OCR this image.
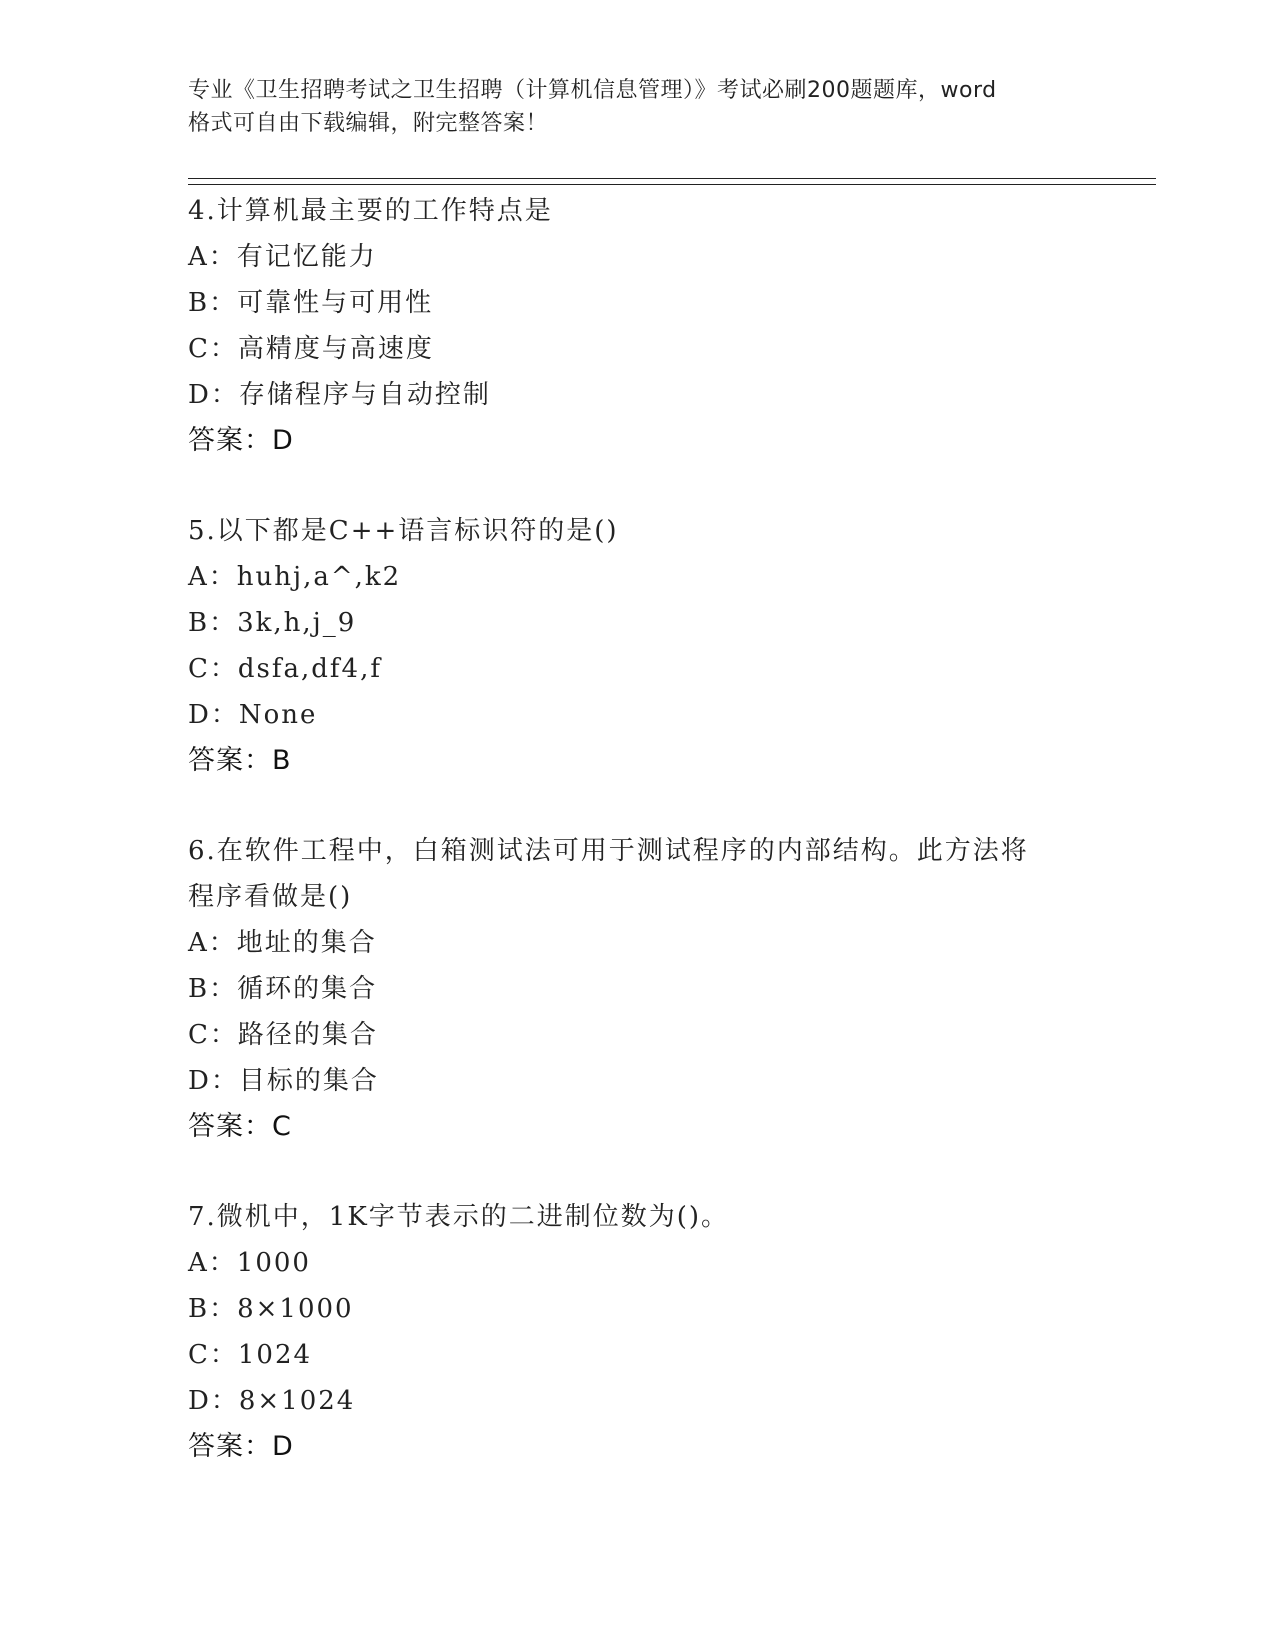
专业《卫生招聘考试之卫生招聘（计算机信息管理）》考试必刷200题题库，word
格式可自由下载编辑，附完整答案！
4.计算机最主要的工作特点是
A：有记忆能力
B：可靠性与可用性
C：高精度与高速度
D：存储程序与自动控制
答案：D
5.以下都是C++语言标识符的是()
A：huhj,a^,k2
B：3k,h,j_9
C：dsfa,df4,f
D：None
答案：B
6.在软件工程中，白箱测试法可用于测试程序的内部结构。此方法将
程序看做是()
A：地址的集合
B：循环的集合
C：路径的集合
D：目标的集合
答案：C
7.微机中，1K字节表示的二进制位数为()。
A：1000
B：8×1000
C：1024
D：8×1024
答案：D
